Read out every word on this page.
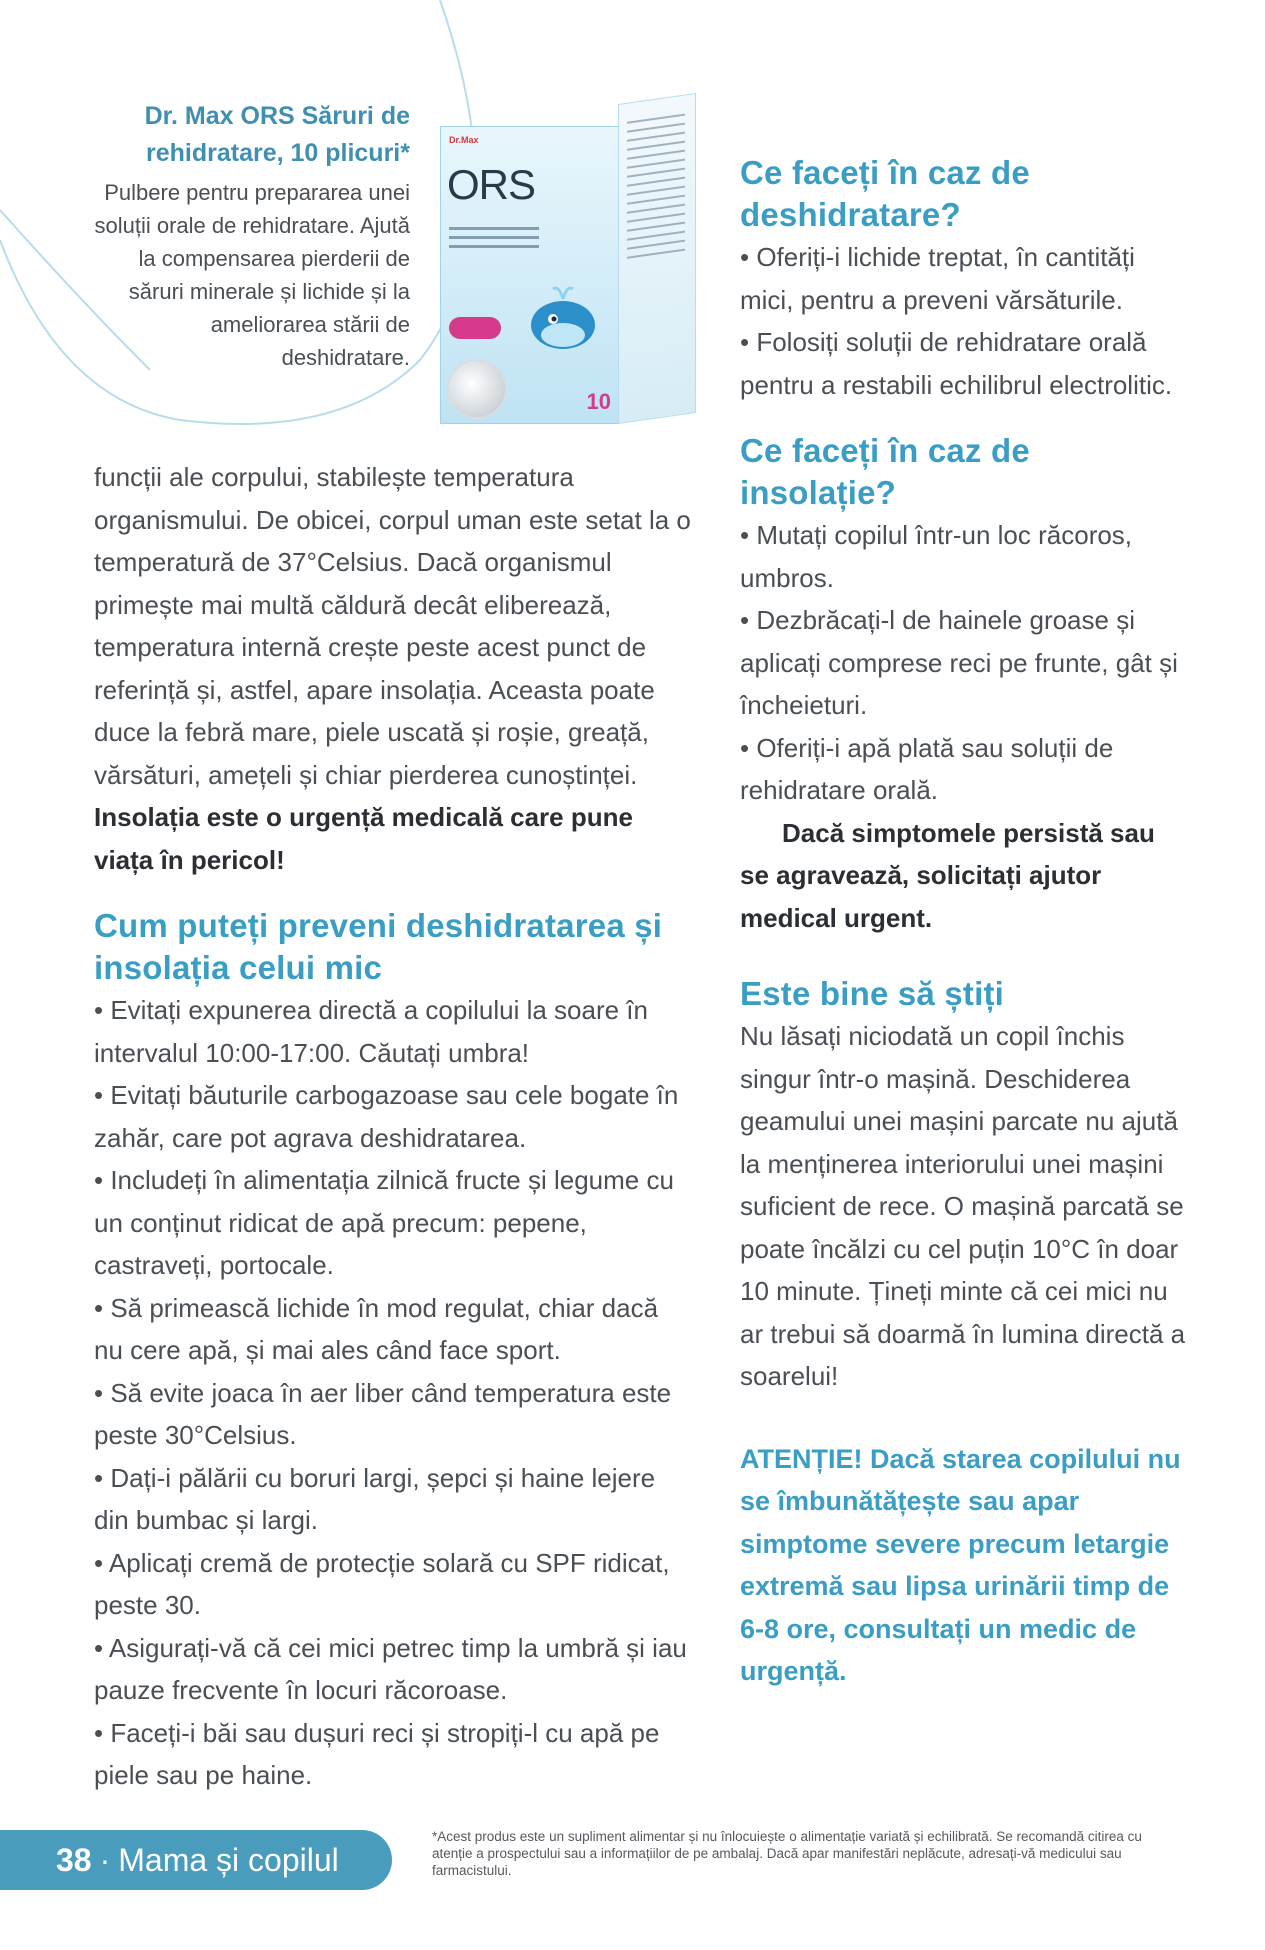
Dr. Max ORS Săruri de rehidratare, 10 plicuri*

Pulbere pentru prepararea unei soluții orale de rehidratare. Ajută la compensarea pierderii de săruri minerale și lichide și la ameliorarea stării de deshidratare.

Dr.Max
ORS
10

funcții ale corpului, stabilește temperatura organismului. De obicei, corpul uman este setat la o temperatură de 37°Celsius. Dacă organismul primește mai multă căldură decât eliberează, temperatura internă crește peste acest punct de referință și, astfel, apare insolația. Aceasta poate duce la febră mare, piele uscată și roșie, greață, vărsături, amețeli și chiar pierderea cunoștinței. Insolația este o urgență medicală care pune viața în pericol!

Cum puteți preveni deshidratarea și insolația celui mic

• Evitați expunerea directă a copilului la soare în intervalul 10:00-17:00. Căutați umbra!

• Evitați băuturile carbogazoase sau cele bogate în zahăr, care pot agrava deshidratarea.

• Includeți în alimentația zilnică fructe și legume cu un conținut ridicat de apă precum: pepene, castraveți, portocale.

• Să primească lichide în mod regulat, chiar dacă nu cere apă, și mai ales când face sport.

• Să evite joaca în aer liber când temperatura este peste 30°Celsius.

• Dați-i pălării cu boruri largi, șepci și haine lejere din bumbac și largi.

• Aplicați cremă de protecție solară cu SPF ridicat, peste 30.

• Asigurați-vă că cei mici petrec timp la umbră și iau pauze frecvente în locuri răcoroase.

• Faceți-i băi sau dușuri reci și stropiți-l cu apă pe piele sau pe haine.

Ce faceți în caz de deshidratare?

• Oferiți-i lichide treptat, în cantități mici, pentru a preveni vărsăturile.

• Folosiți soluții de rehidratare orală pentru a restabili echilibrul electrolitic.

Ce faceți în caz de insolație?

• Mutați copilul într-un loc răcoros, umbros.

• Dezbrăcați-l de hainele groase și aplicați comprese reci pe frunte, gât și încheieturi.

• Oferiți-i apă plată sau soluții de rehidratare orală.

Dacă simptomele persistă sau se agravează, solicitați ajutor medical urgent.

Este bine să știți

Nu lăsați niciodată un copil închis singur într-o mașină. Deschiderea geamului unei mașini parcate nu ajută la menținerea interiorului unei mașini suficient de rece. O mașină parcată se poate încălzi cu cel puțin 10°C în doar 10 minute. Țineți minte că cei mici nu ar trebui să doarmă în lumina directă a soarelui!

ATENȚIE! Dacă starea copilului nu se îmbunătățește sau apar simptome severe precum letargie extremă sau lipsa urinării timp de 6-8 ore, consultați un medic de urgență.

38 · Mama și copilul

*Acest produs este un supliment alimentar și nu înlocuiește o alimentație variată și echilibrată. Se recomandă citirea cu atenție a prospectului sau a informațiilor de pe ambalaj. Dacă apar manifestări neplăcute, adresați-vă medicului sau farmacistului.
